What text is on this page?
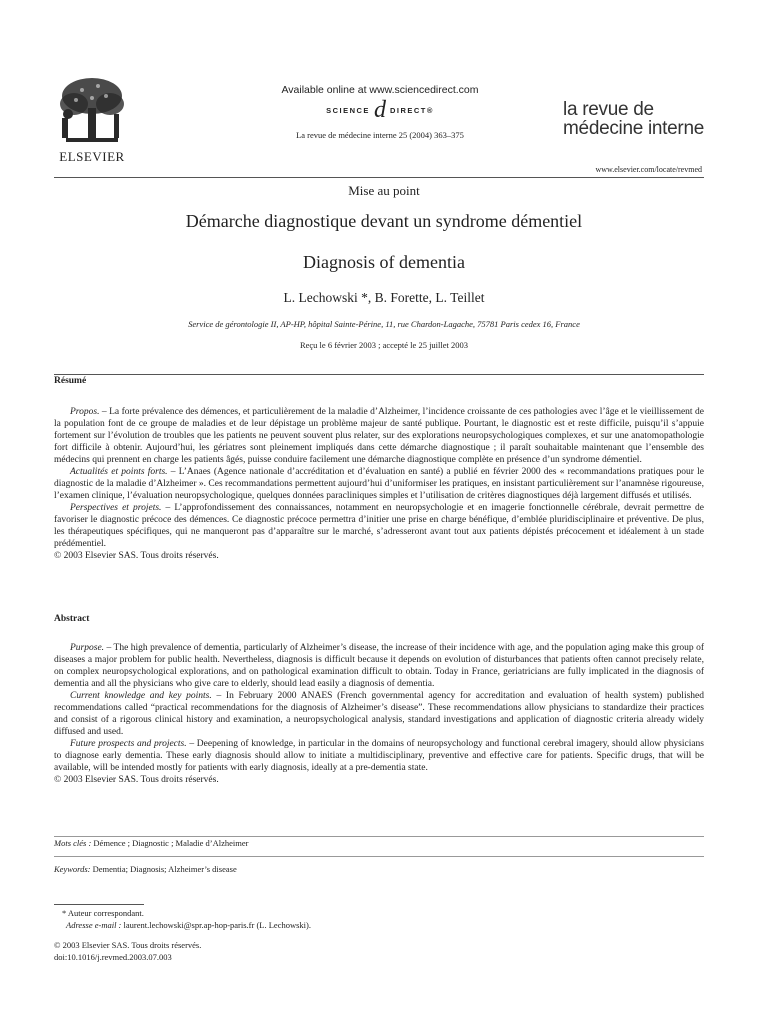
ELSEVIER
Available online at www.sciencedirect.com
SCIENCE d DIRECT®
La revue de médecine interne 25 (2004) 363–375
la revue de
médecine interne
www.elsevier.com/locate/revmed
Mise au point
Démarche diagnostique devant un syndrome démentiel
Diagnosis of dementia
L. Lechowski *, B. Forette, L. Teillet
Service de gérontologie II, AP-HP, hôpital Sainte-Périne, 11, rue Chardon-Lagache, 75781 Paris cedex 16, France
Reçu le 6 février 2003 ; accepté le 25 juillet 2003
Résumé

Propos. – La forte prévalence des démences, et particulièrement de la maladie d’Alzheimer, l’incidence croissante de ces pathologies avec l’âge et le vieillissement de la population font de ce groupe de maladies et de leur dépistage un problème majeur de santé publique. Pourtant, le diagnostic est et reste difficile, puisqu’il s’appuie fortement sur l’évolution de troubles que les patients ne peuvent souvent plus relater, sur des explorations neuropsychologiques complexes, et sur une anatomopathologie fort difficile à obtenir. Aujourd’hui, les gériatres sont pleinement impliqués dans cette démarche diagnostique ; il paraît souhaitable maintenant que l’ensemble des médecins qui prennent en charge les patients âgés, puisse conduire facilement une démarche diagnostique complète en présence d’un syndrome démentiel.

Actualités et points forts. – L’Anaes (Agence nationale d’accréditation et d’évaluation en santé) a publié en février 2000 des « recommandations pratiques pour le diagnostic de la maladie d’Alzheimer ». Ces recommandations permettent aujourd’hui d’uniformiser les pratiques, en insistant particulièrement sur l’anamnèse rigoureuse, l’examen clinique, l’évaluation neuropsychologique, quelques données paracliniques simples et l’utilisation de critères diagnostiques déjà largement diffusés et utilisés.

Perspectives et projets. – L’approfondissement des connaissances, notamment en neuropsychologie et en imagerie fonctionnelle cérébrale, devrait permettre de favoriser le diagnostic précoce des démences. Ce diagnostic précoce permettra d’initier une prise en charge bénéfique, d’emblée pluridisciplinaire et préventive. De plus, les thérapeutiques spécifiques, qui ne manqueront pas d’apparaître sur le marché, s’adresseront avant tout aux patients dépistés précocement et idéalement à un stade prédémentiel.

© 2003 Elsevier SAS. Tous droits réservés.

Abstract

Purpose. – The high prevalence of dementia, particularly of Alzheimer’s disease, the increase of their incidence with age, and the population aging make this group of diseases a major problem for public health. Nevertheless, diagnosis is difficult because it depends on evolution of disturbances that patients often cannot precisely relate, on complex neuropsychological explorations, and on pathological examination difficult to obtain. Today in France, geriatricians are fully implicated in the diagnosis of dementia and all the physicians who give care to elderly, should lead easily a diagnosis of dementia.

Current knowledge and key points. – In February 2000 ANAES (French governmental agency for accreditation and evaluation of health system) published recommendations called “practical recommendations for the diagnosis of Alzheimer’s disease”. These recommendations allow physicians to standardize their practices and consist of a rigorous clinical history and examination, a neuropsychological analysis, standard investigations and application of diagnostic criteria already widely diffused and used.

Future prospects and projects. – Deepening of knowledge, in particular in the domains of neuropsychology and functional cerebral imagery, should allow physicians to diagnose early dementia. These early diagnosis should allow to initiate a multidisciplinary, preventive and effective care for patients. Specific drugs, that will be available, will be intended mostly for patients with early diagnosis, ideally at a pre-dementia state.

© 2003 Elsevier SAS. Tous droits réservés.

Mots clés : Démence ; Diagnostic ; Maladie d’Alzheimer
Keywords: Dementia; Diagnosis; Alzheimer’s disease
* Auteur correspondant.
Adresse e-mail : laurent.lechowski@spr.ap-hop-paris.fr (L. Lechowski).
© 2003 Elsevier SAS. Tous droits réservés.
doi:10.1016/j.revmed.2003.07.003
